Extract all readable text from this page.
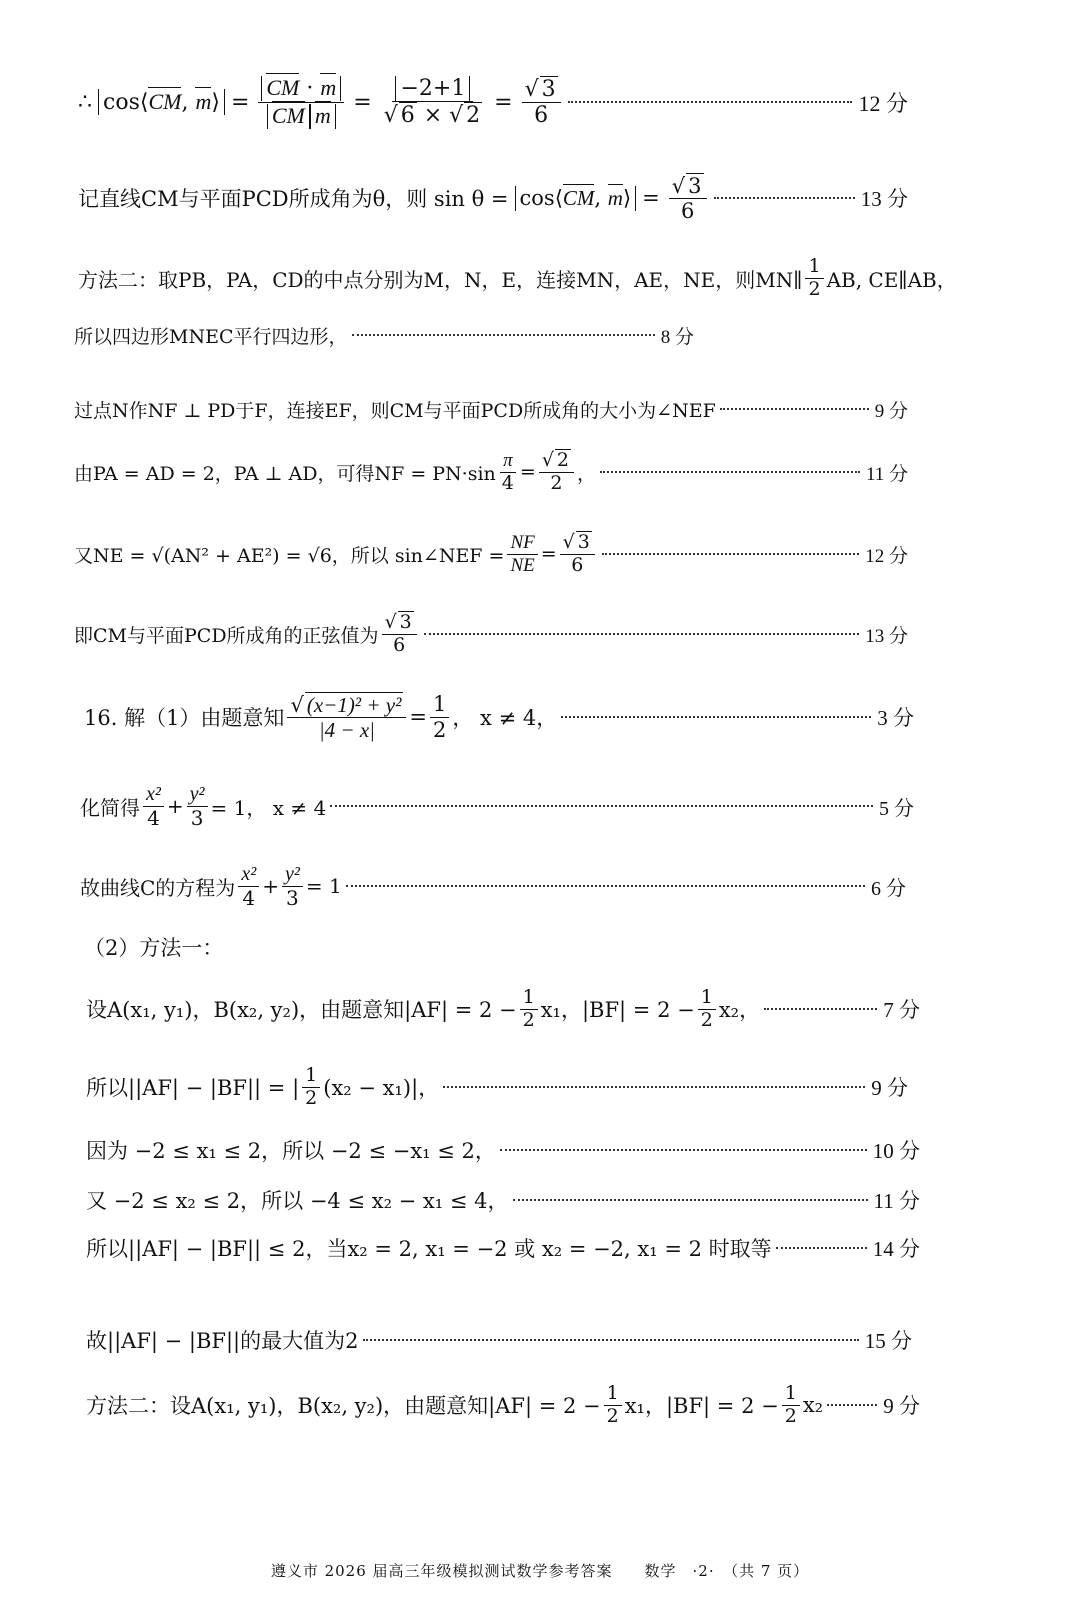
∴ cos⟨CM, m⟩ = $\frac{CM \cdot m}{\text{CM m}} = \frac{-2+1}{√ 6 \times √ 2} = \frac{√ 3}{6}$	12 分
记直线CM与平面PCD所成角为θ，则 sin θ = cos⟨CM, m⟩ = $\frac{√ 3}{6}$	13 分
方法二：取PB，PA，CD的中点分别为M，N，E，连接MN，AE，NE，则MN∥ $\frac{1}{2}$ AB, CE∥AB，
所以四边形MNEC平行四边形，	8 分
过点N作NF ⊥ PD于F，连接EF，则CM与平面PCD所成角的大小为∠NEF	9 分
由PA = AD = 2，PA ⊥ AD，可得NF = $PN\cdot\sin \frac{\pi}{4} = \frac{√ 2}{2}$ ，	11 分
又NE = √(AN² + AE²) = √6，所以 sin∠NEF = $\frac{NF}{NE} = \frac{√ 3}{6}$	12 分
即CM与平面PCD所成角的正弦值为 $\frac{√ 3}{6}$	13 分
16. 解（1）由题意知 $\frac{\text{√ (x−1)² + y²}}{|4 - x|} = \frac{1}{2}$ ， x ≠ 4，	3 分
化简得 $\frac{\text{x²}}{4} + \frac{\text{y²}}{3} = 1$， x ≠ 4	5 分
故曲线C的方程为 $\frac{\text{x²}}{4} + \frac{\text{y²}}{3} = 1$	6 分
（2）方法一：
设A(x₁, y₁)，B(x₂, y₂)，由题意知$|AF| = 2 - \frac{1}{2} x_1$，$|BF| = 2 - \frac{1}{2} x_2$，	7 分
所以||AF| − |BF|| = | $\frac{1}{2} (x_2 - x_1)|$，	9 分
因为 −2 ≤ x₁ ≤ 2，所以 −2 ≤ −x₁ ≤ 2，	10 分
又 −2 ≤ x₂ ≤ 2，所以 −4 ≤ x₂ − x₁ ≤ 4，	11 分
所以||AF| − |BF|| ≤ 2，当x₂ = 2, x₁ = −2 或 x₂ = −2, x₁ = 2 时取等	14 分
故||AF| − |BF||的最大值为2	15 分
方法二：设A(x₁, y₁)，B(x₂, y₂)，由题意知$|AF| = 2 - \frac{1}{2} x_1$，$|BF| = 2 - \frac{1}{2} x_2$	9 分
遵义市 2026 届高三年级模拟测试数学参考答案　　数学　·2·　（共 7 页）
